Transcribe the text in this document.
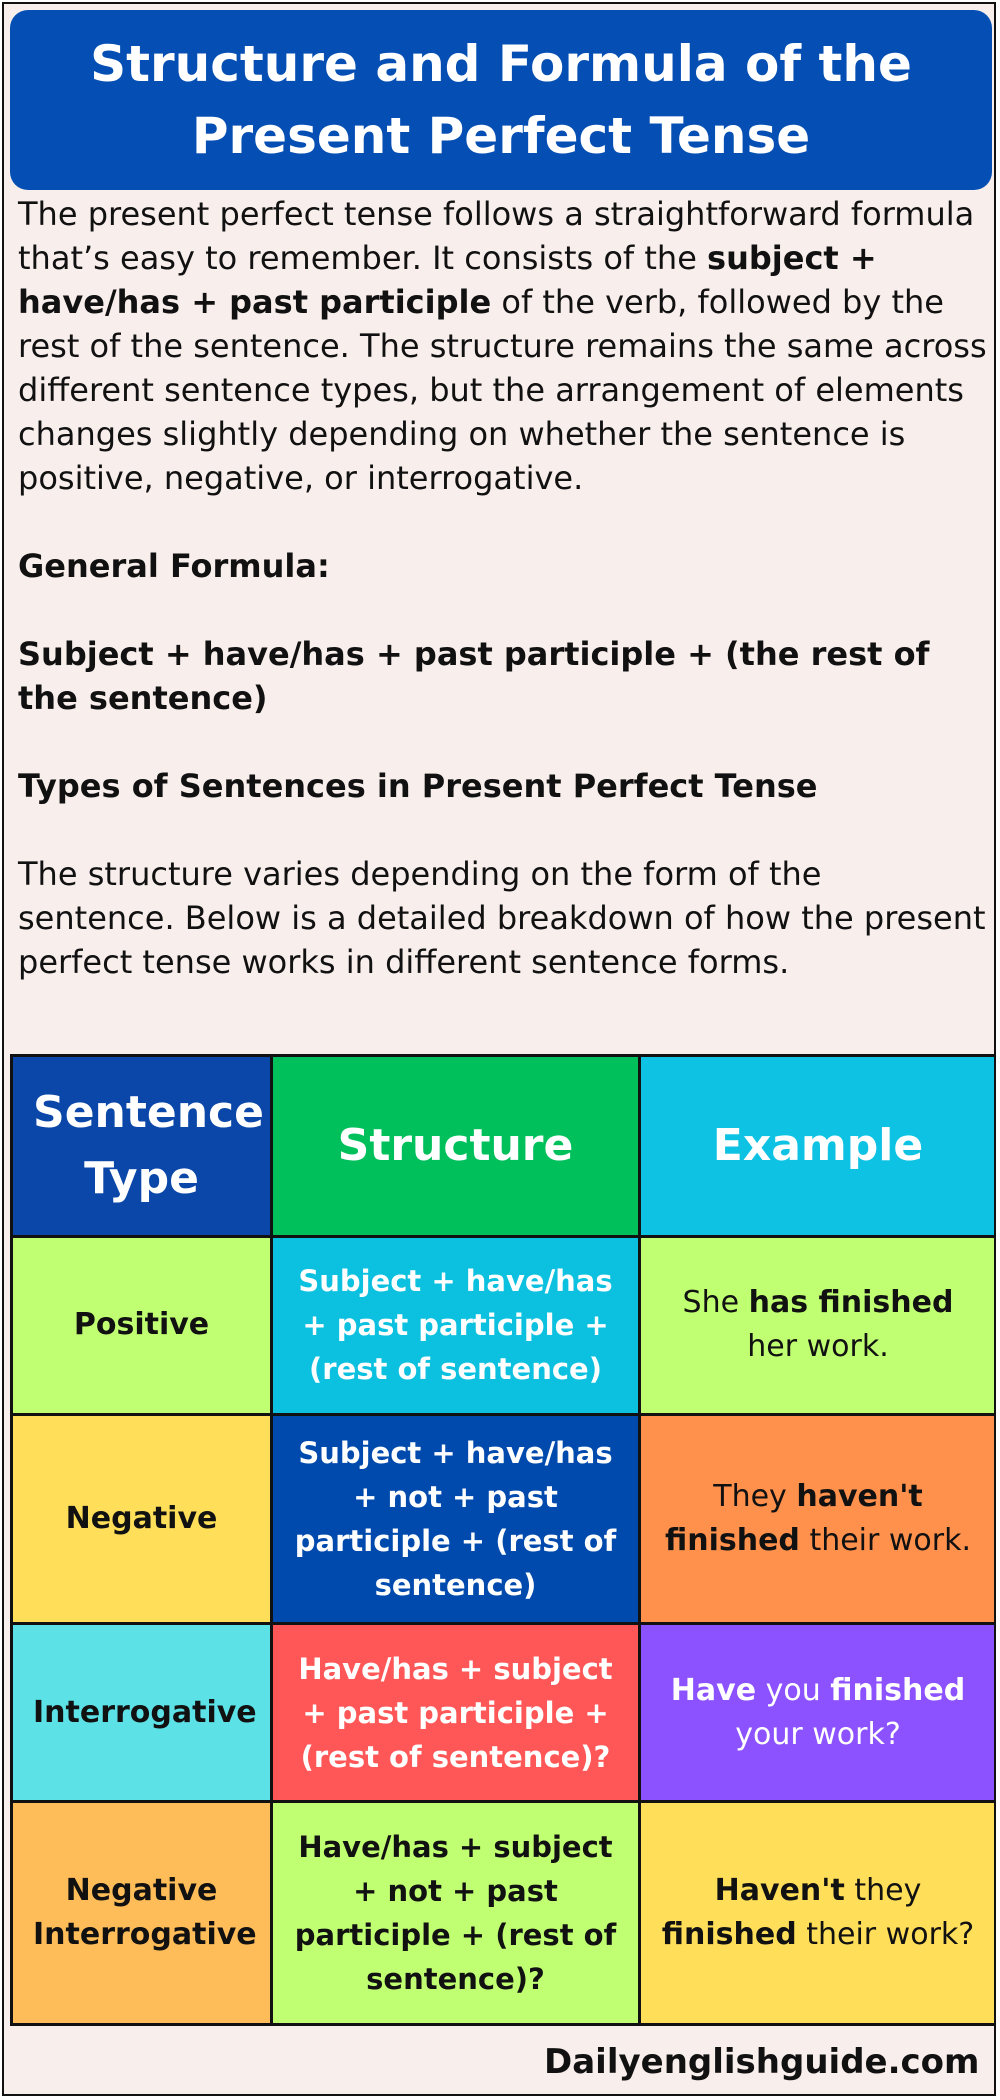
Structure and Formula of the Present Perfect Tense

The present perfect tense follows a straightforward formula that’s easy to remember. It consists of the subject + have/has + past participle of the verb, followed by the rest of the sentence. The structure remains the same across different sentence types, but the arrangement of elements changes slightly depending on whether the sentence is positive, negative, or interrogative.

General Formula:

Subject + have/has + past participle + (the rest of the sentence)

Types of Sentences in Present Perfect Tense

The structure varies depending on the form of the sentence. Below is a detailed breakdown of how the present perfect tense works in different sentence forms.

Sentence Type	Structure	Example
Positive	Subject + have/has + past participle + (rest of sentence)	She has finished her work.
Negative	Subject + have/has + not + past participle + (rest of sentence)	They haven't finished their work.
Interrogative	Have/has + subject + past participle + (rest of sentence)?	Have you finished your work?
Negative Interrogative	Have/has + subject + not + past participle + (rest of sentence)?	Haven't they finished their work?
Dailyenglishguide.com
